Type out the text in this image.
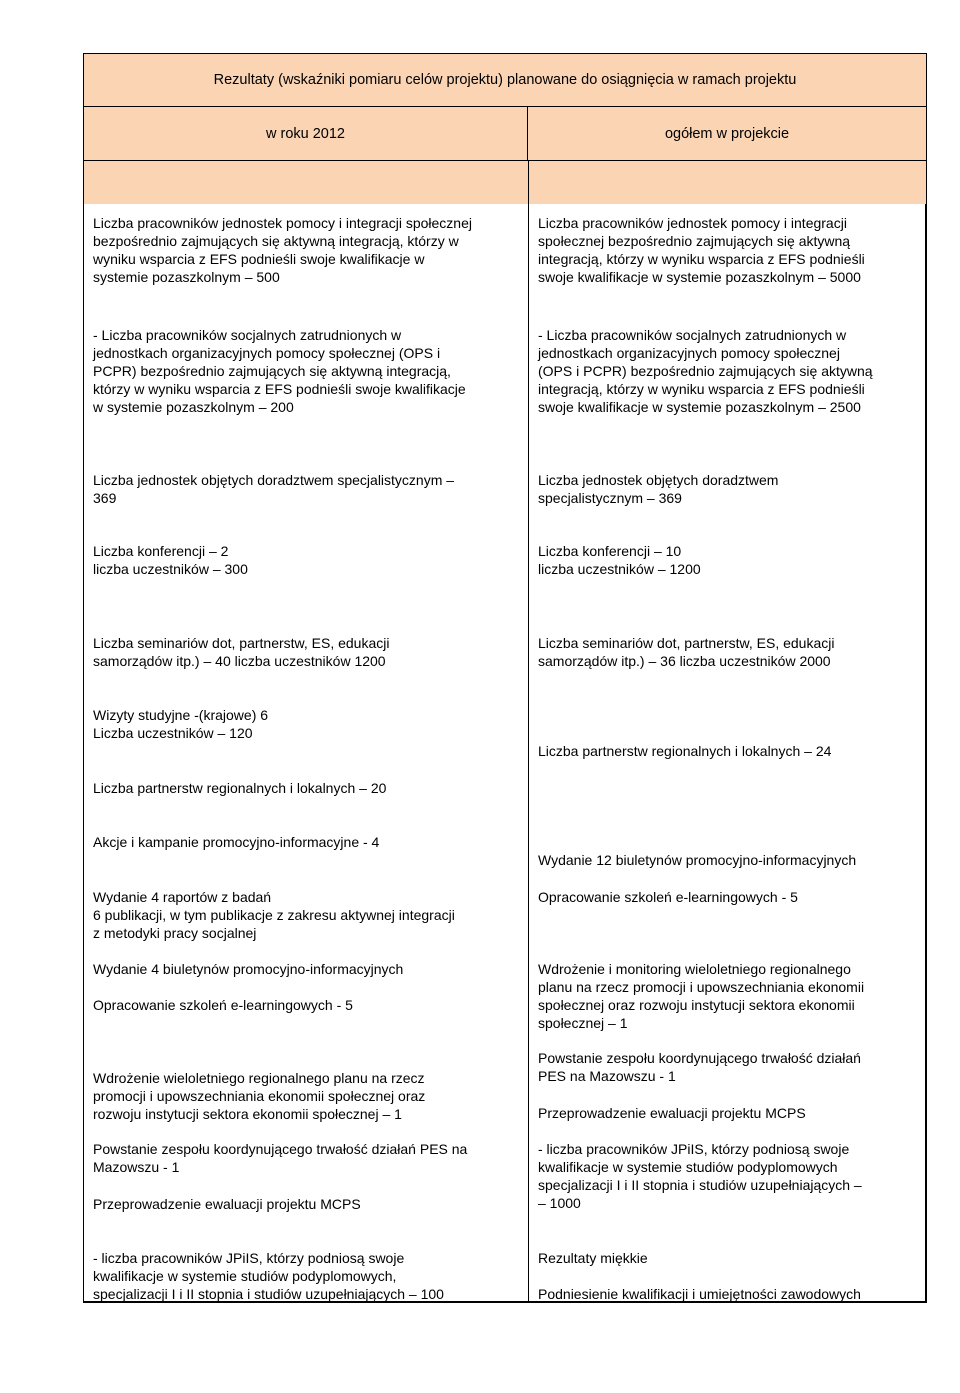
Rezultaty (wskaźniki pomiaru celów projektu) planowane do osiągnięcia w ramach projektu
w roku 2012	ogółem w projekcie

Liczba pracowników jednostek pomocy i integracji społecznej
bezpośrednio zajmujących się aktywną integracją, którzy w
wyniku wsparcia z EFS podnieśli swoje kwalifikacje w
systemie pozaszkolnym – 500

- Liczba pracowników socjalnych zatrudnionych w
jednostkach organizacyjnych pomocy społecznej (OPS i
PCPR) bezpośrednio zajmujących się aktywną integracją,
którzy w wyniku wsparcia z EFS podnieśli swoje kwalifikacje
w systemie pozaszkolnym – 200

Liczba jednostek objętych doradztwem specjalistycznym –
369

Liczba konferencji – 2
liczba uczestników – 300

Liczba seminariów dot, partnerstw, ES, edukacji
samorządów itp.) – 40 liczba uczestników 1200

Wizyty studyjne -(krajowe) 6
Liczba uczestników – 120

Liczba partnerstw regionalnych i lokalnych – 20

Akcje i kampanie promocyjno-informacyjne - 4

Wydanie 4 raportów z badań
6 publikacji, w tym publikacje z zakresu aktywnej integracji
z metodyki pracy socjalnej

Wydanie 4 biuletynów promocyjno-informacyjnych

Opracowanie szkoleń e-learningowych - 5

Wdrożenie wieloletniego regionalnego planu na rzecz
promocji i upowszechniania ekonomii społecznej oraz
rozwoju instytucji sektora ekonomii społecznej – 1

Powstanie zespołu koordynującego trwałość działań PES na
Mazowszu - 1

Przeprowadzenie ewaluacji projektu MCPS

- liczba pracowników JPiIS, którzy podniosą swoje
kwalifikacje w systemie studiów podyplomowych,
specjalizacji I i II stopnia i studiów uzupełniających – 100

Liczba pracowników jednostek pomocy i integracji
społecznej bezpośrednio zajmujących się aktywną
integracją, którzy w wyniku wsparcia z EFS podnieśli
swoje kwalifikacje w systemie pozaszkolnym – 5000

- Liczba pracowników socjalnych zatrudnionych w
jednostkach organizacyjnych pomocy społecznej
(OPS i PCPR) bezpośrednio zajmujących się aktywną
integracją, którzy w wyniku wsparcia z EFS podnieśli
swoje kwalifikacje w systemie pozaszkolnym – 2500

Liczba jednostek objętych doradztwem
specjalistycznym – 369

Liczba konferencji – 10
liczba uczestników – 1200

Liczba seminariów dot, partnerstw, ES, edukacji
samorządów itp.) – 36 liczba uczestników 2000

Liczba partnerstw regionalnych i lokalnych – 24

Wydanie 12 biuletynów promocyjno-informacyjnych

Opracowanie szkoleń e-learningowych - 5

Wdrożenie i monitoring wieloletniego regionalnego
planu na rzecz promocji i upowszechniania ekonomii
społecznej oraz rozwoju instytucji sektora ekonomii
społecznej – 1

Powstanie zespołu koordynującego trwałość działań
PES na Mazowszu - 1

Przeprowadzenie ewaluacji projektu MCPS

- liczba pracowników JPiIS, którzy podniosą swoje
kwalifikacje w systemie studiów podyplomowych
specjalizacji I i II stopnia i studiów uzupełniających –
– 1000

Rezultaty miękkie

Podniesienie kwalifikacji i umiejętności zawodowych
